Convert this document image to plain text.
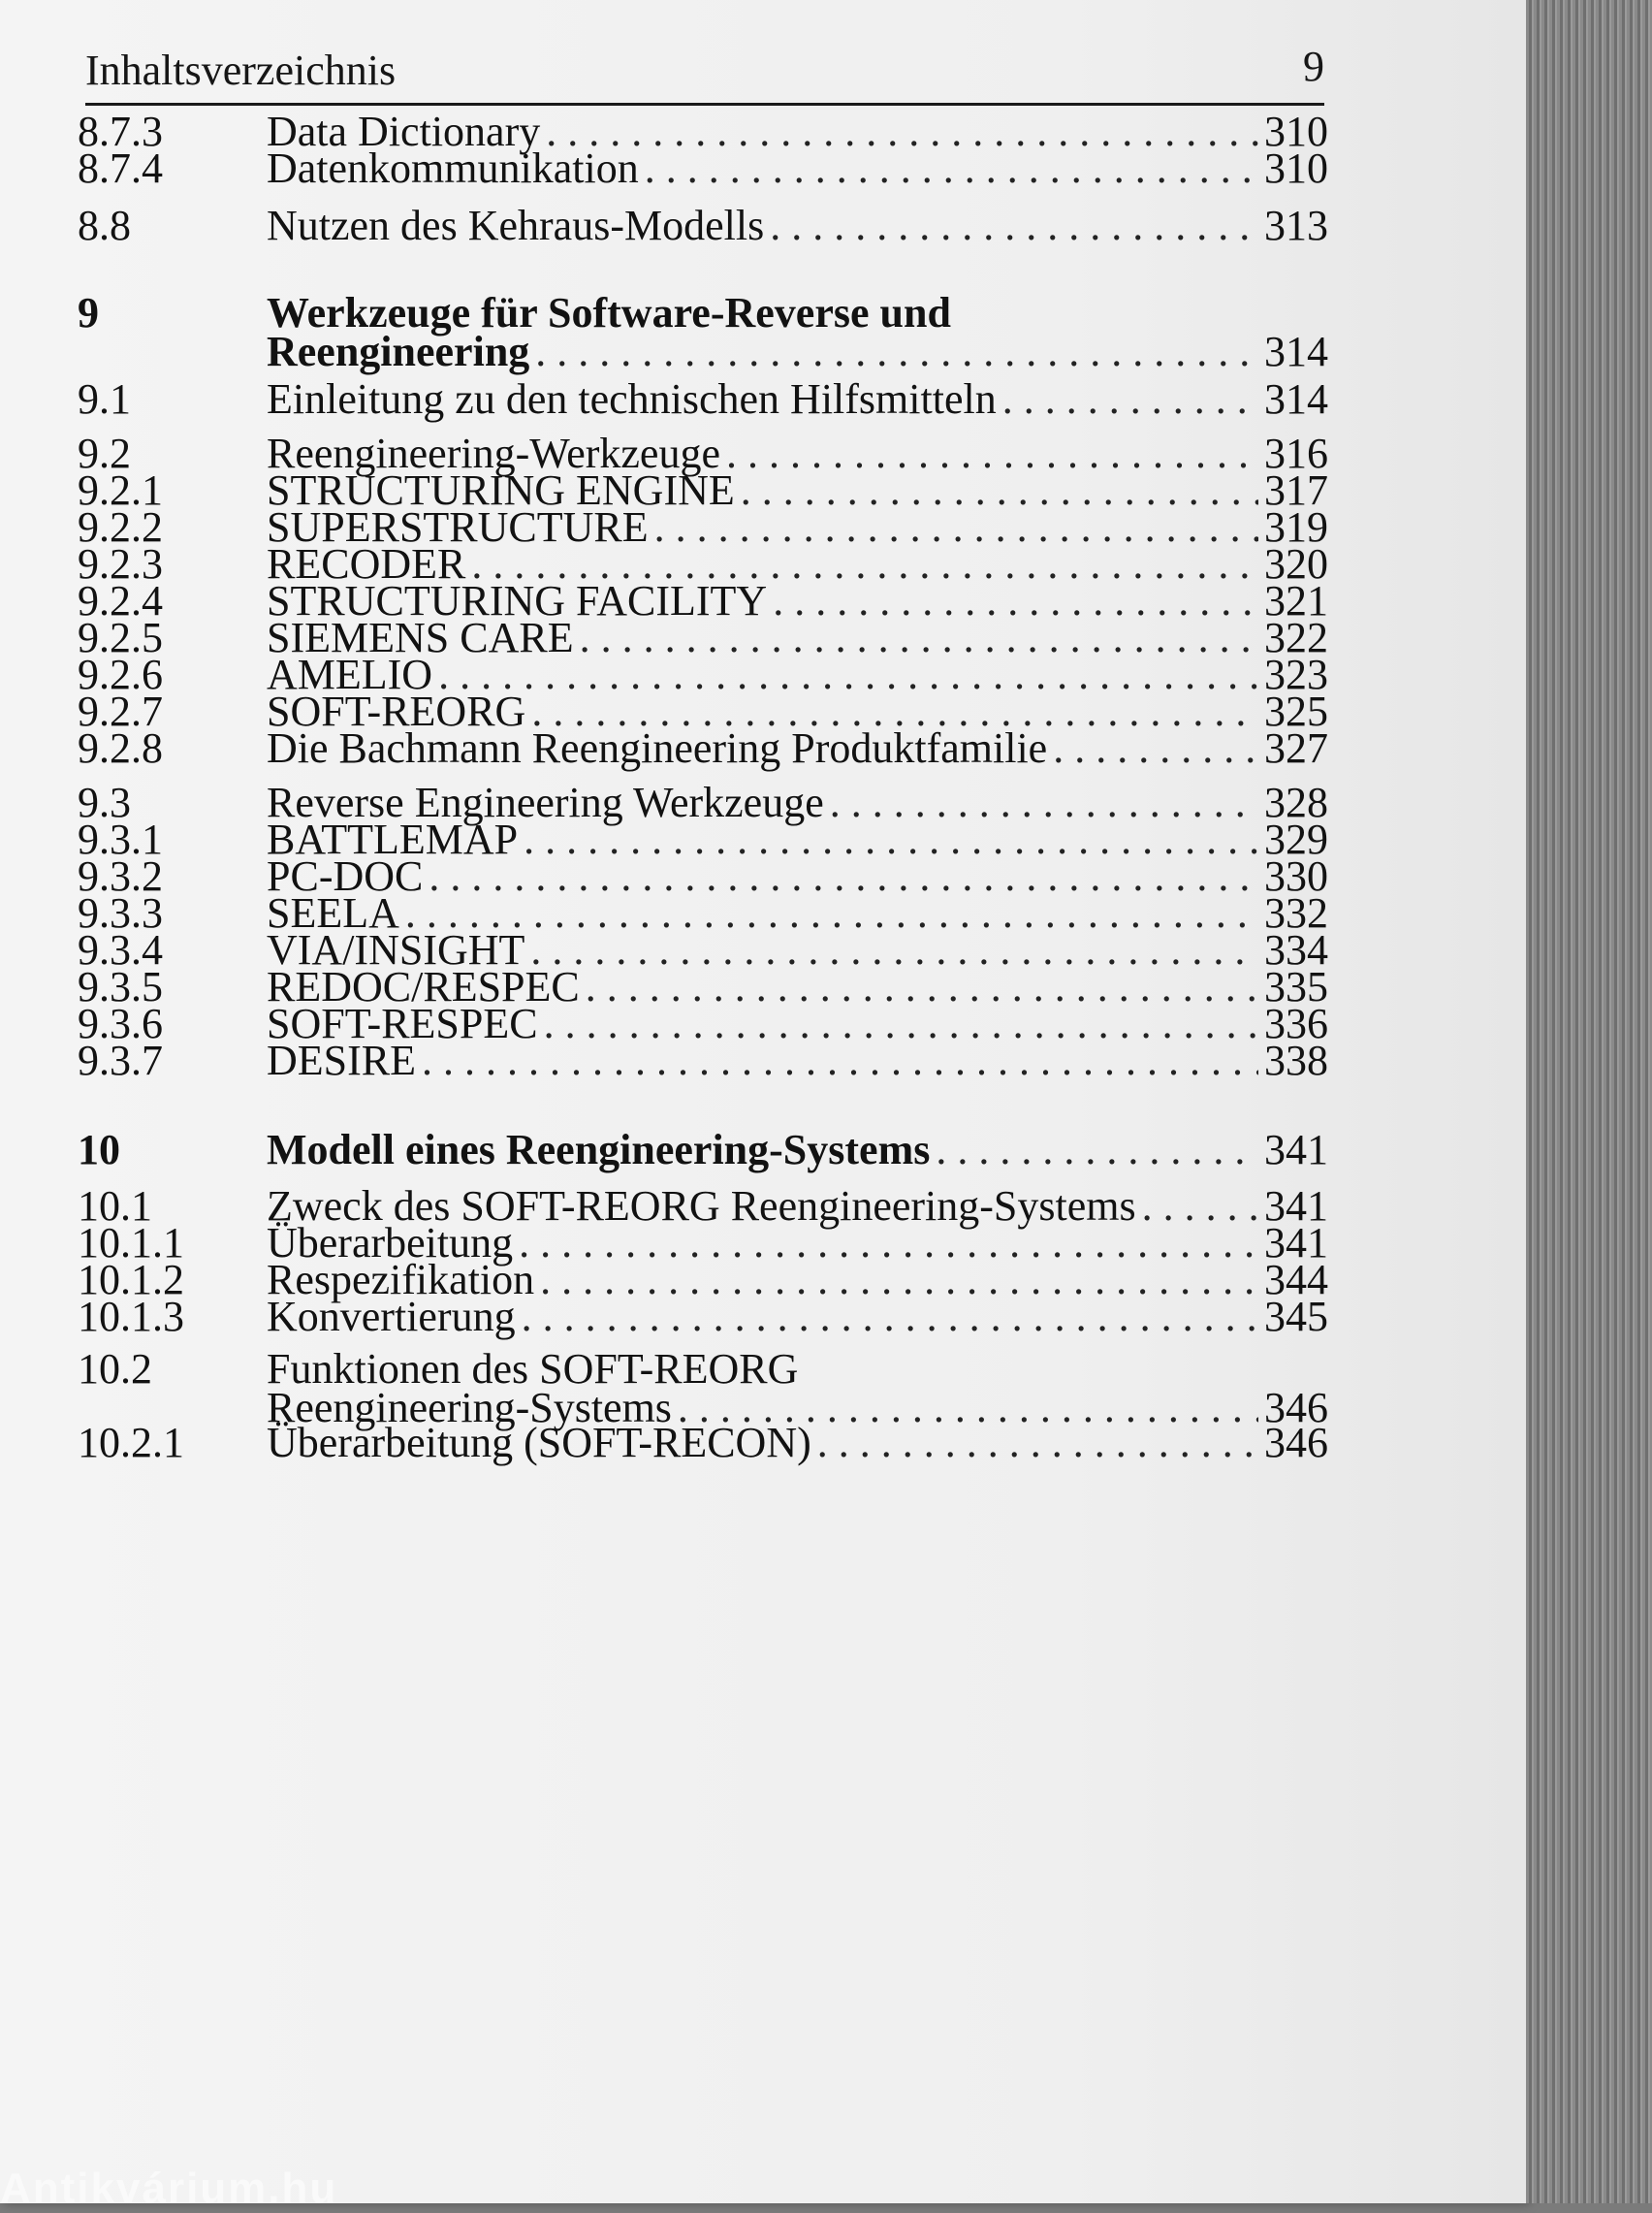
Inhaltsverzeichnis	9
8.7.3 Data Dictionary . . .	310
8.7.4 Datenkommunikation . . .	310
8.8	Nutzen des Kehraus-Modells . . .	313
9	Werkzeuge für Software-Reverse und
Reengineering . . .	314
9.1	Einleitung zu den technischen Hilfsmitteln . . .	314
9.2	Reengineering-Werkzeuge . . .	316
9.2.1 STRUCTURING ENGINE . . .	317
9.2.2 SUPERSTRUCTURE . . .	319
9.2.3 RECODER . . .	320
9.2.4 STRUCTURING FACILITY . . .	321
9.2.5 SIEMENS CARE . . .	322
9.2.6 AMELIO . . .	323
9.2.7 SOFT-REORG . . .	325
9.2.8 Die Bachmann Reengineering Produktfamilie . . .	327
9.3	Reverse Engineering Werkzeuge . . .	328
9.3.1 BATTLEMAP . . .	329
9.3.2 PC-DOC . . .	330
9.3.3 SEELA . . .	332
9.3.4 VIA/INSIGHT . . .	334
9.3.5 REDOC/RESPEC . . .	335
9.3.6 SOFT-RESPEC . . .	336
9.3.7 DESIRE . . .	338
10	Modell eines Reengineering-Systems . . .	341
10.1	Zweck des SOFT-REORG Reengineering-Systems . . .	341
10.1.1 Überarbeitung . . .	341
10.1.2 Respezifikation . . .	344
10.1.3 Konvertierung . . .	345
10.2	Funktionen des SOFT-REORG
Reengineering-Systems . . .	346
10.2.1 Überarbeitung (SOFT-RECON) . . .	346
Antikvárium.hu
